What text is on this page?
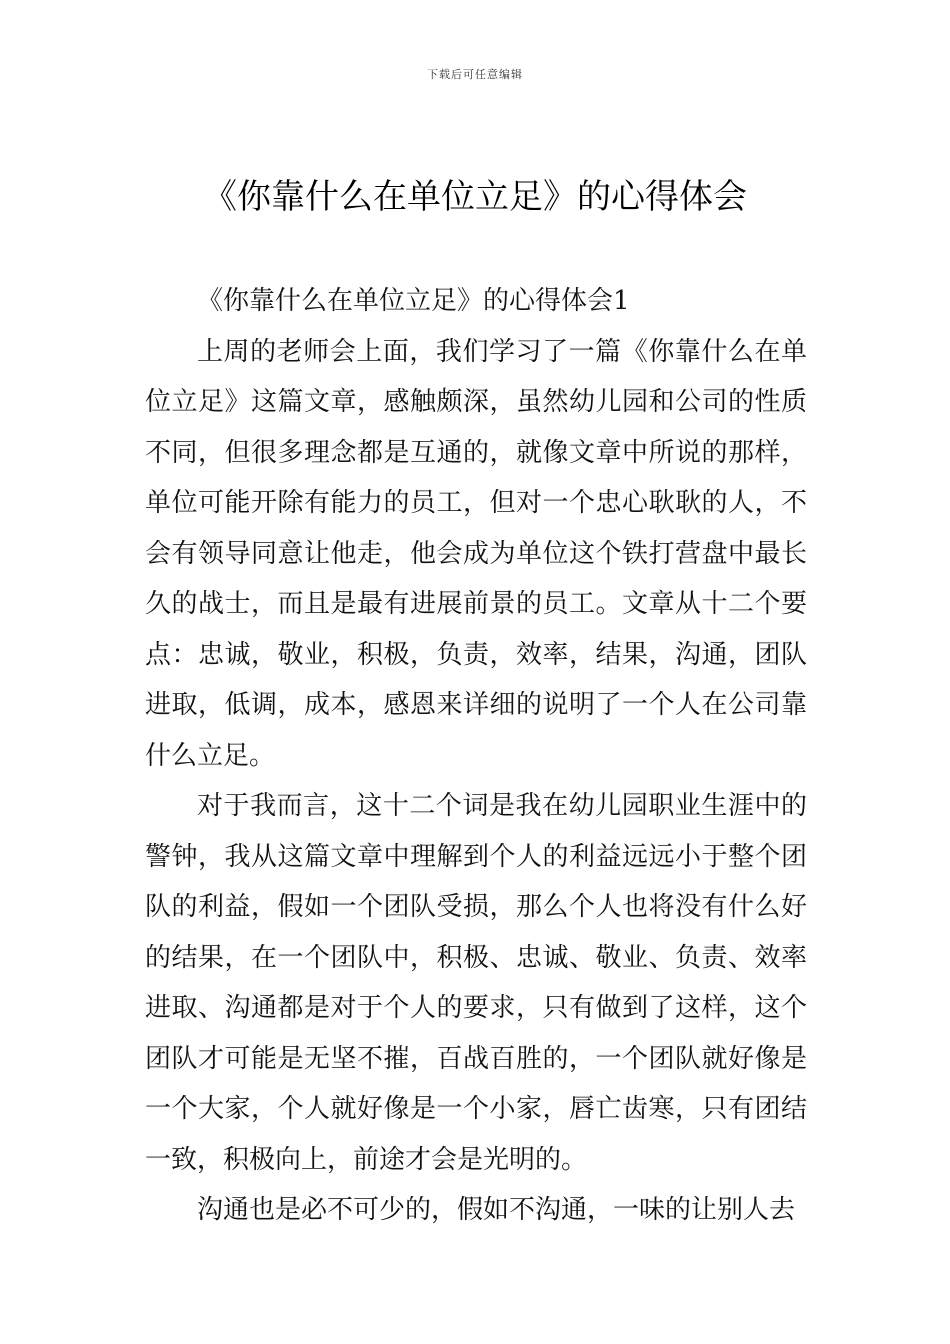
下载后可任意编辑
《你靠什么在单位立足》的心得体会

《你靠什么在单位立足》的心得体会1

上周的老师会上面，我们学习了一篇《你靠什么在单位立足》这篇文章，感触颇深，虽然幼儿园和公司的性质不同，但很多理念都是互通的，就像文章中所说的那样，单位可能开除有能力的员工，但对一个忠心耿耿的人，不会有领导同意让他走，他会成为单位这个铁打营盘中最长久的战士，而且是最有进展前景的员工。文章从十二个要点：忠诚，敬业，积极，负责，效率，结果，沟通，团队进取，低调，成本，感恩来详细的说明了一个人在公司靠什么立足。

对于我而言，这十二个词是我在幼儿园职业生涯中的警钟，我从这篇文章中理解到个人的利益远远小于整个团队的利益，假如一个团队受损，那么个人也将没有什么好的结果，在一个团队中，积极、忠诚、敬业、负责、效率进取、沟通都是对于个人的要求，只有做到了这样，这个团队才可能是无坚不摧，百战百胜的，一个团队就好像是一个大家，个人就好像是一个小家，唇亡齿寒，只有团结一致，积极向上，前途才会是光明的。

沟通也是必不可少的，假如不沟通，一味的让别人去
